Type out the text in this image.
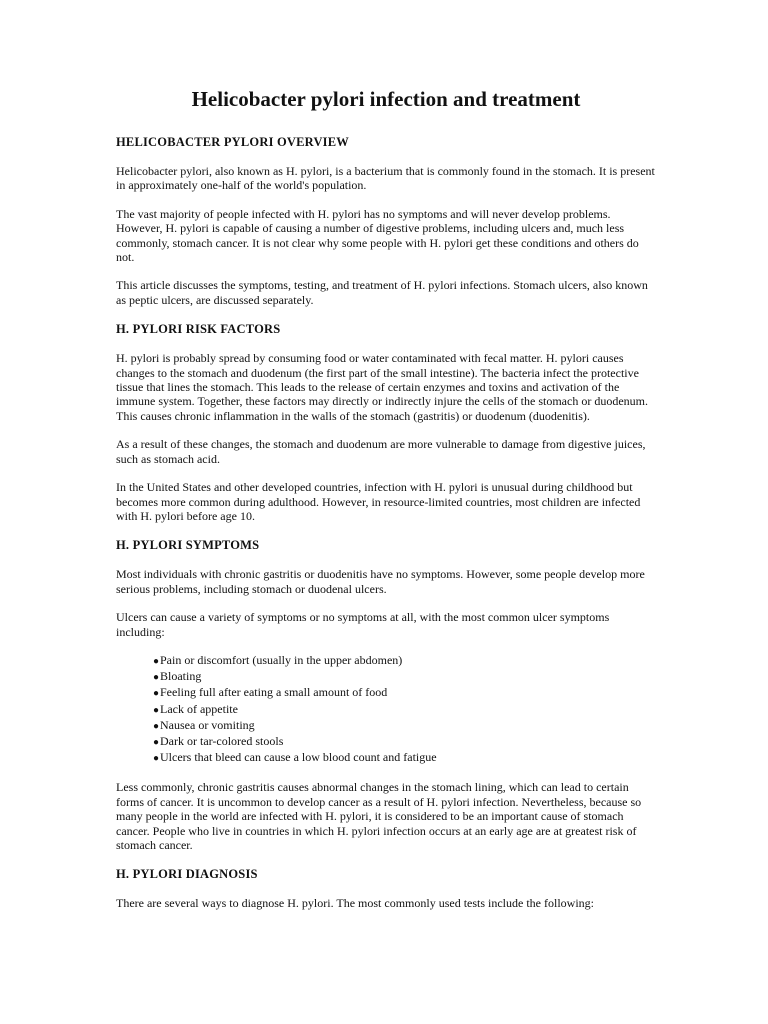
Helicobacter pylori infection and treatment
HELICOBACTER PYLORI OVERVIEW

Helicobacter pylori, also known as H. pylori, is a bacterium that is commonly found in the stomach. It is present in approximately one-half of the world's population.

The vast majority of people infected with H. pylori has no symptoms and will never develop problems. However, H. pylori is capable of causing a number of digestive problems, including ulcers and, much less commonly, stomach cancer. It is not clear why some people with H. pylori get these conditions and others do not.

This article discusses the symptoms, testing, and treatment of H. pylori infections. Stomach ulcers, also known as peptic ulcers, are discussed separately.

H. PYLORI RISK FACTORS

H. pylori is probably spread by consuming food or water contaminated with fecal matter. H. pylori causes changes to the stomach and duodenum (the first part of the small intestine). The bacteria infect the protective tissue that lines the stomach. This leads to the release of certain enzymes and toxins and activation of the immune system. Together, these factors may directly or indirectly injure the cells of the stomach or duodenum. This causes chronic inflammation in the walls of the stomach (gastritis) or duodenum (duodenitis).

As a result of these changes, the stomach and duodenum are more vulnerable to damage from digestive juices, such as stomach acid.

In the United States and other developed countries, infection with H. pylori is unusual during childhood but becomes more common during adulthood. However, in resource-limited countries, most children are infected with H. pylori before age 10.

H. PYLORI SYMPTOMS

Most individuals with chronic gastritis or duodenitis have no symptoms. However, some people develop more serious problems, including stomach or duodenal ulcers.

Ulcers can cause a variety of symptoms or no symptoms at all, with the most common ulcer symptoms including:

● Pain or discomfort (usually in the upper abdomen)
● Bloating
● Feeling full after eating a small amount of food
● Lack of appetite
● Nausea or vomiting
● Dark or tar-colored stools
● Ulcers that bleed can cause a low blood count and fatigue

Less commonly, chronic gastritis causes abnormal changes in the stomach lining, which can lead to certain forms of cancer. It is uncommon to develop cancer as a result of H. pylori infection. Nevertheless, because so many people in the world are infected with H. pylori, it is considered to be an important cause of stomach cancer. People who live in countries in which H. pylori infection occurs at an early age are at greatest risk of stomach cancer.

H. PYLORI DIAGNOSIS

There are several ways to diagnose H. pylori. The most commonly used tests include the following:
